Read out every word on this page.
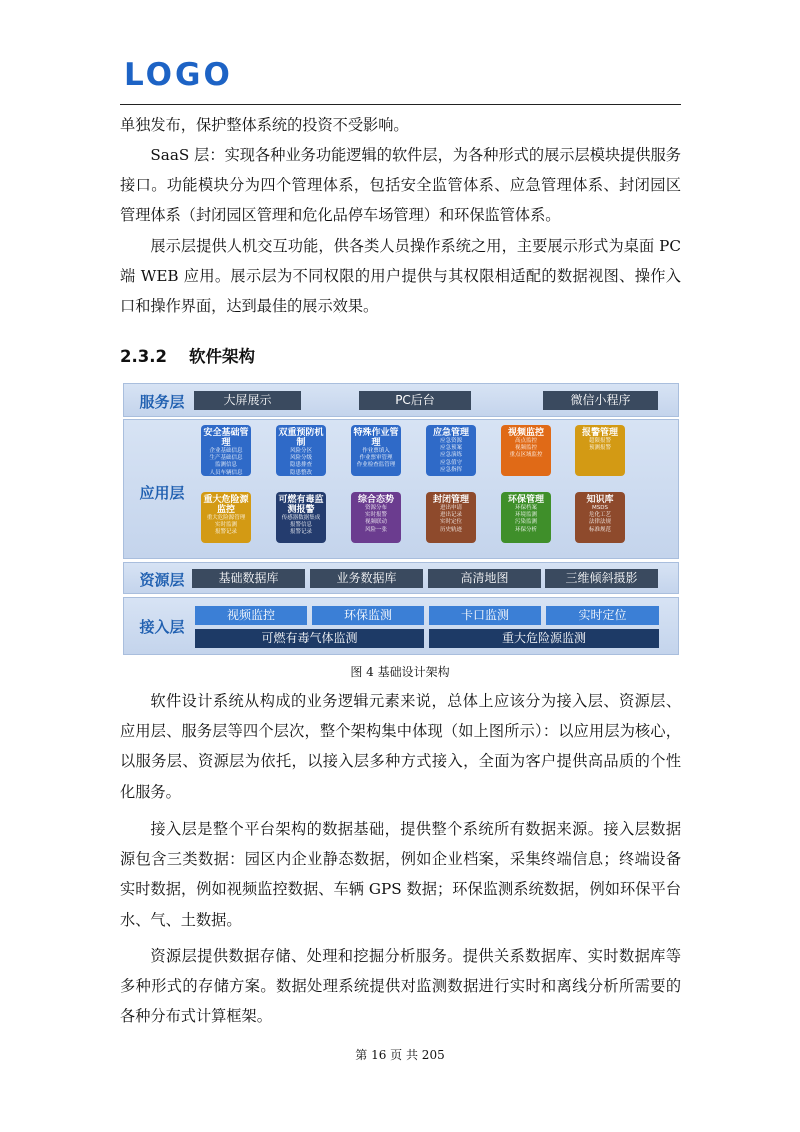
LOGO

单独发布，保护整体系统的投资不受影响。

SaaS 层：实现各种业务功能逻辑的软件层，为各种形式的展示层模块提供服务接口。功能模块分为四个管理体系，包括安全监管体系、应急管理体系、封闭园区管理体系（封闭园区管理和危化品停车场管理）和环保监管体系。

展示层提供人机交互功能，供各类人员操作系统之用，主要展示形式为桌面 PC 端 WEB 应用。展示层为不同权限的用户提供与其权限相适配的数据视图、操作入口和操作界面，达到最佳的展示效果。

2.3.2 软件架构
服务层	大屏展示	PC后台	微信小程序
应用层
安全基础管理
企业基础信息
生产基础信息
监测信息
人员车辆信息
双重预防机制
风险分区
风险分级
隐患排查
隐患整改
特殊作业管理
作业票填入
作业票审管理
作业检查监管理
应急管理
应急资源
应急预案
应急演练
应急值守
应急指挥
视频监控
高点监控
视频监控
重点区域监控
报警管理
超限报警
预测报警
重大危险源监控
重大危险源管理
实时监测
报警记录
可燃有毒监测报警
传感器数据集成
报警信息
报警记录
综合态势
资源分布
实时报警
视频联动
风险一张
封闭管理
进出申请
进出记录
实时定位
历史轨迹
环保管理
环保档案
环境监测
污染监测
环保分析
知识库
MSDS
危化工艺
法律法规
标准规范
资源层	基础数据库	业务数据库	高清地图	三维倾斜摄影
接入层
视频监控	环保监测	卡口监测	实时定位
可燃有毒气体监测	重大危险源监测
图 4 基础设计架构

软件设计系统从构成的业务逻辑元素来说，总体上应该分为接入层、资源层、应用层、服务层等四个层次，整个架构集中体现（如上图所示）：以应用层为核心，以服务层、资源层为依托，以接入层多种方式接入，全面为客户提供高品质的个性化服务。

接入层是整个平台架构的数据基础，提供整个系统所有数据来源。接入层数据源包含三类数据：园区内企业静态数据，例如企业档案，采集终端信息；终端设备实时数据，例如视频监控数据、车辆 GPS 数据；环保监测系统数据，例如环保平台水、气、土数据。

资源层提供数据存储、处理和挖掘分析服务。提供关系数据库、实时数据库等多种形式的存储方案。数据处理系统提供对监测数据进行实时和离线分析所需要的各种分布式计算框架。

第 16 页 共 205
